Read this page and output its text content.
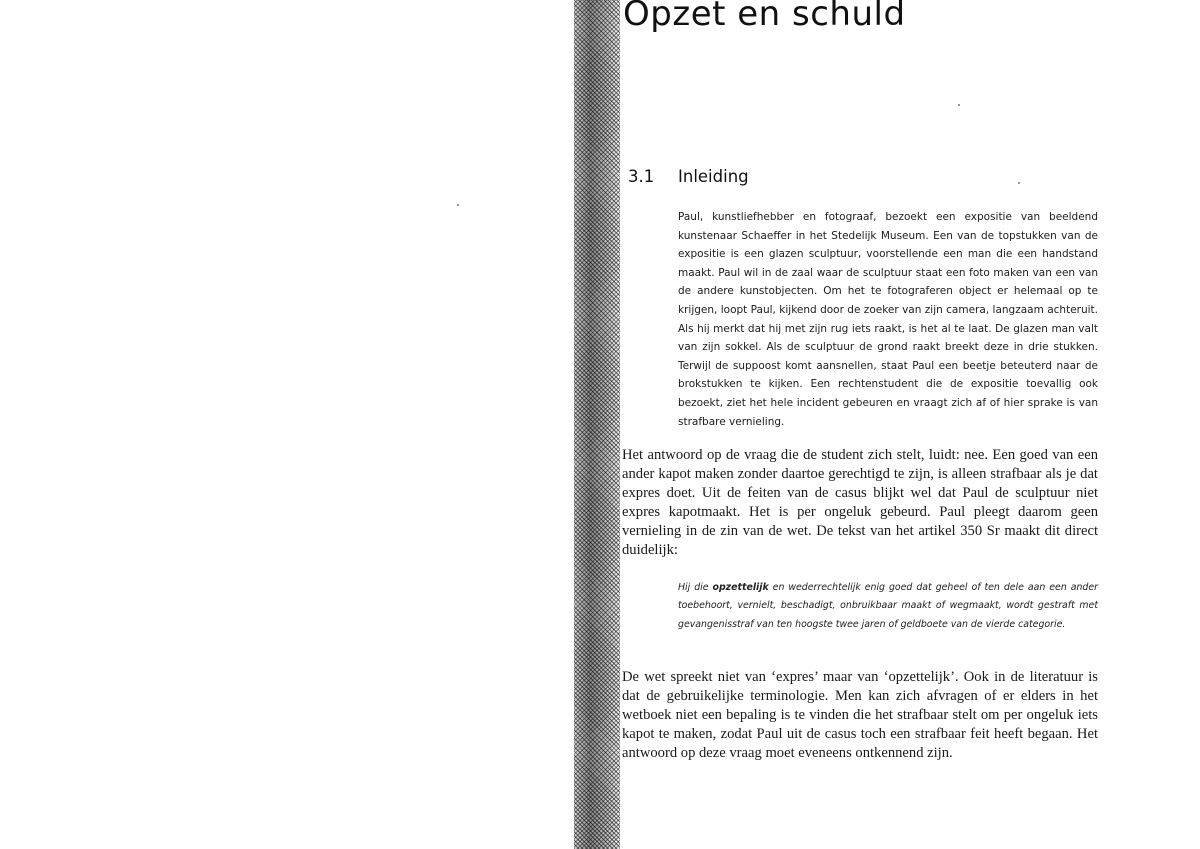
Opzet en schuld
3.1 Inleiding

Paul, kunstliefhebber en fotograaf, bezoekt een expositie van beeldend kunstenaar Schaeffer in het Stedelijk Museum. Een van de topstukken van de expositie is een glazen sculptuur, voorstellende een man die een handstand maakt. Paul wil in de zaal waar de sculptuur staat een foto maken van een van de andere kunstobjecten. Om het te fotograferen object er helemaal op te krijgen, loopt Paul, kijkend door de zoeker van zijn camera, langzaam achteruit. Als hij merkt dat hij met zijn rug iets raakt, is het al te laat. De glazen man valt van zijn sokkel. Als de sculptuur de grond raakt breekt deze in drie stukken. Terwijl de suppoost komt aansnellen, staat Paul een beetje beteuterd naar de brokstukken te kijken. Een rechtenstudent die de expositie toevallig ook bezoekt, ziet het hele incident gebeuren en vraagt zich af of hier sprake is van strafbare vernieling.

Het antwoord op de vraag die de student zich stelt, luidt: nee. Een goed van een ander kapot maken zonder daartoe gerechtigd te zijn, is alleen strafbaar als je dat expres doet. Uit de feiten van de casus blijkt wel dat Paul de sculptuur niet expres kapotmaakt. Het is per ongeluk gebeurd. Paul pleegt daarom geen vernieling in de zin van de wet. De tekst van het artikel 350 Sr maakt dit direct duidelijk:

Hij die opzettelijk en wederrechtelijk enig goed dat geheel of ten dele aan een ander toebehoort, vernielt, beschadigt, onbruikbaar maakt of wegmaakt, wordt gestraft met gevangenisstraf van ten hoogste twee jaren of geldboete van de vierde categorie.

De wet spreekt niet van ‘expres’ maar van ‘opzettelijk’. Ook in de literatuur is dat de gebruikelijke terminologie. Men kan zich afvragen of er elders in het wetboek niet een bepaling is te vinden die het strafbaar stelt om per ongeluk iets kapot te maken, zodat Paul uit de casus toch een strafbaar feit heeft begaan. Het antwoord op deze vraag moet eveneens ontkennend zijn.
